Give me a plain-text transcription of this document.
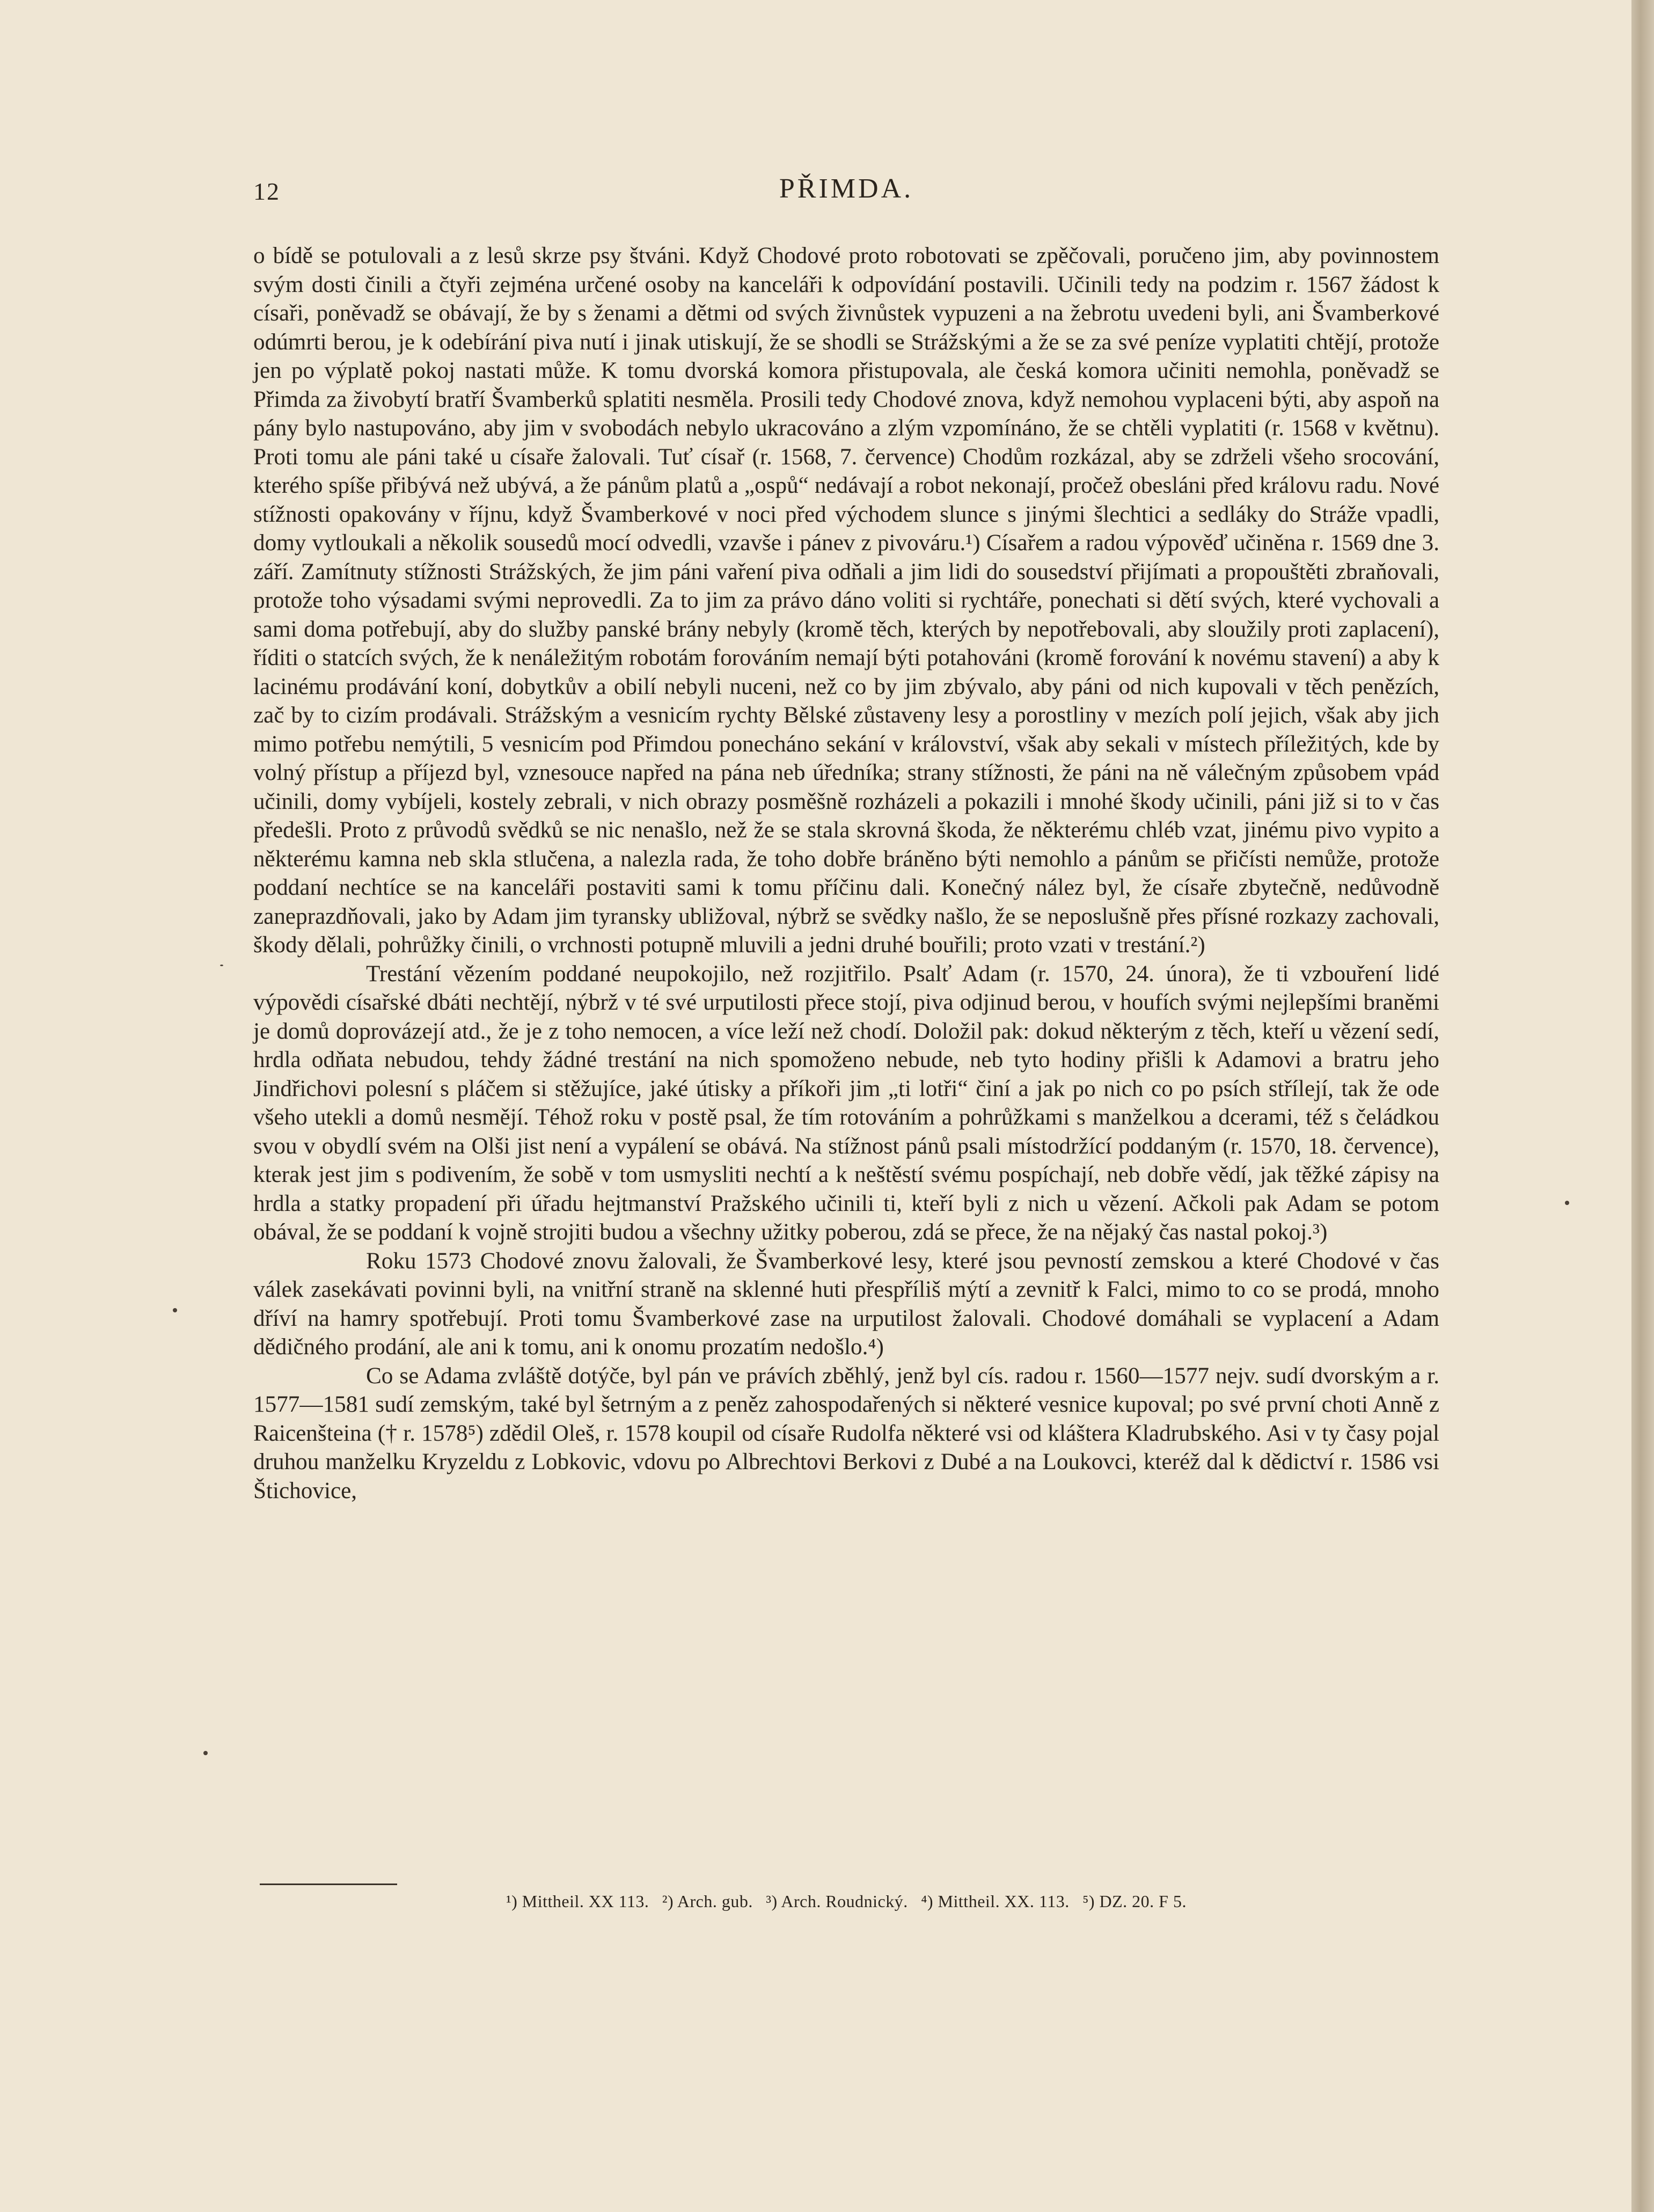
12	PŘIMDA.

o bídě se potulovali a z lesů skrze psy štváni. Když Chodové proto robotovati se zpěčovali, poručeno jim, aby povinnostem svým dosti činili a čtyři zejména určené osoby na kanceláři k odpovídání postavili. Učinili tedy na podzim r. 1567 žádost k císaři, poněvadž se obávají, že by s ženami a dětmi od svých živnůstek vypuzeni a na žebrotu uvedeni byli, ani Švamberkové odúmrti berou, je k odebírání piva nutí i jinak utiskují, že se shodli se Strážskými a že se za své peníze vyplatiti chtějí, protože jen po výplatě pokoj nastati může. K tomu dvorská komora přistupovala, ale česká komora učiniti nemohla, poněvadž se Přimda za živobytí bratří Švamberků splatiti nesměla. Prosili tedy Chodové znova, když nemohou vyplaceni býti, aby aspoň na pány bylo nastupováno, aby jim v svobodách nebylo ukracováno a zlým vzpomínáno, že se chtěli vyplatiti (r. 1568 v květnu). Proti tomu ale páni také u císaře žalovali. Tuť císař (r. 1568, 7. července) Chodům rozkázal, aby se zdrželi všeho srocování, kterého spíše přibývá než ubývá, a že pánům platů a „ospů“ nedávají a robot nekonají, pročež obesláni před královu radu. Nové stížnosti opakovány v říjnu, když Švamberkové v noci před východem slunce s jinými šlechtici a sedláky do Stráže vpadli, domy vytloukali a několik sousedů mocí odvedli, vzavše i pánev z pivováru.¹) Císařem a radou výpověď učiněna r. 1569 dne 3. září. Zamítnuty stížnosti Strážských, že jim páni vaření piva odňali a jim lidi do sousedství přijímati a propouštěti zbraňovali, protože toho výsadami svými neprovedli. Za to jim za právo dáno voliti si rychtáře, ponechati si dětí svých, které vychovali a sami doma potřebují, aby do služby panské brány nebyly (kromě těch, kterých by nepotřebovali, aby sloužily proti zaplacení), říditi o statcích svých, že k nenáležitým robotám forováním nemají býti potahováni (kromě forování k novému stavení) a aby k lacinému prodávání koní, dobytkův a obilí nebyli nuceni, než co by jim zbývalo, aby páni od nich kupovali v těch penězích, zač by to cizím prodávali. Strážským a vesnicím rychty Bělské zůstaveny lesy a porostliny v mezích polí jejich, však aby jich mimo potřebu nemýtili, 5 vesnicím pod Přimdou ponecháno sekání v království, však aby sekali v místech příležitých, kde by volný přístup a příjezd byl, vznesouce napřed na pána neb úředníka; strany stížnosti, že páni na ně válečným způsobem vpád učinili, domy vybíjeli, kostely zebrali, v nich obrazy posměšně rozházeli a pokazili i mnohé škody učinili, páni již si to v čas předešli. Proto z průvodů svědků se nic nenašlo, než že se stala skrovná škoda, že některému chléb vzat, jinému pivo vypito a některému kamna neb skla stlučena, a nalezla rada, že toho dobře bráněno býti nemohlo a pánům se přičísti nemůže, protože poddaní nechtíce se na kanceláři postaviti sami k tomu příčinu dali. Konečný nález byl, že císaře zbytečně, nedůvodně zaneprazdňovali, jako by Adam jim tyransky ubližoval, nýbrž se svědky našlo, že se neposlušně přes přísné rozkazy zachovali, škody dělali, pohrůžky činili, o vrchnosti potupně mluvili a jedni druhé bouřili; proto vzati v trestání.²)

Trestání vězením poddané neupokojilo, než rozjitřilo. Psalť Adam (r. 1570, 24. února), že ti vzbouření lidé výpovědi císařské dbáti nechtějí, nýbrž v té své urputilosti přece stojí, piva odjinud berou, v houfích svými nejlepšími braněmi je domů doprovázejí atd., že je z toho nemocen, a více leží než chodí. Doložil pak: dokud některým z těch, kteří u vězení sedí, hrdla odňata nebudou, tehdy žádné trestání na nich spomoženo nebude, neb tyto hodiny přišli k Adamovi a bratru jeho Jindřichovi polesní s pláčem si stěžujíce, jaké útisky a příkoři jim „ti lotři“ činí a jak po nich co po psích střílejí, tak že ode všeho utekli a domů nesmějí. Téhož roku v postě psal, že tím rotováním a pohrůžkami s manželkou a dcerami, též s čeládkou svou v obydlí svém na Olši jist není a vypálení se obává. Na stížnost pánů psali místodržící poddaným (r. 1570, 18. července), kterak jest jim s podivením, že sobě v tom usmysliti nechtí a k neštěstí svému pospíchají, neb dobře vědí, jak těžké zápisy na hrdla a statky propadení při úřadu hejtmanství Pražského učinili ti, kteří byli z nich u vězení. Ačkoli pak Adam se potom obával, že se poddaní k vojně strojiti budou a všechny užitky poberou, zdá se přece, že na nějaký čas nastal pokoj.³)

Roku 1573 Chodové znovu žalovali, že Švamberkové lesy, které jsou pevností zemskou a které Chodové v čas válek zasekávati povinni byli, na vnitřní straně na sklenné huti přespříliš mýtí a zevnitř k Falci, mimo to co se prodá, mnoho dříví na hamry spotřebují. Proti tomu Švamberkové zase na urputilost žalovali. Chodové domáhali se vyplacení a Adam dědičného prodání, ale ani k tomu, ani k onomu prozatím nedošlo.⁴)

Co se Adama zvláště dotýče, byl pán ve právích zběhlý, jenž byl cís. radou r. 1560—1577 nejv. sudí dvorským a r. 1577—1581 sudí zemským, také byl šetrným a z peněz zahospodařených si některé vesnice kupoval; po své první choti Anně z Raicenšteina († r. 1578⁵) zdědil Oleš, r. 1578 koupil od císaře Rudolfa některé vsi od kláštera Kladrubského. Asi v ty časy pojal druhou manželku Kryzeldu z Lobkovic, vdovu po Albrechtovi Berkovi z Dubé a na Loukovci, kteréž dal k dědictví r. 1586 vsi Štichovice,

¹) Mittheil. XX 113. ²) Arch. gub. ³) Arch. Roudnický. ⁴) Mittheil. XX. 113. ⁵) DZ. 20. F 5.
